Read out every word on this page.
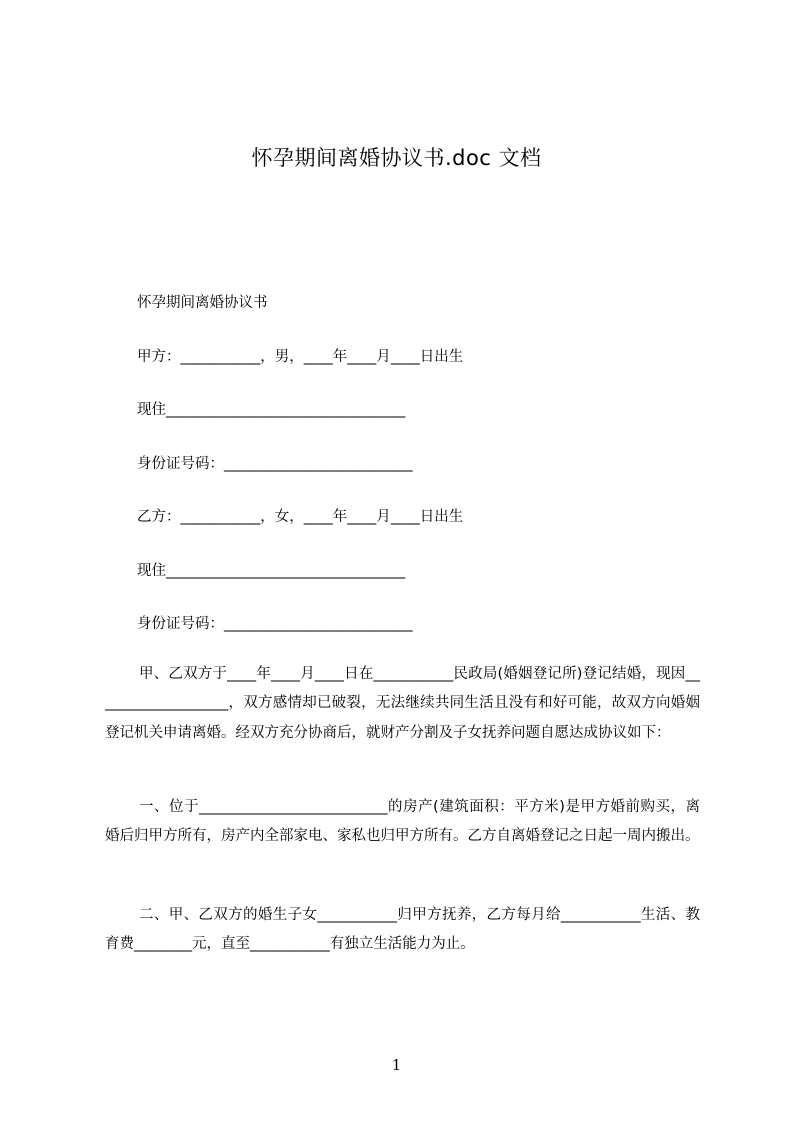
怀孕期间离婚协议书.doc 文档
怀孕期间离婚协议书
甲方：___________，男，____年____月____日出生
现住_________________________________
身份证号码：__________________________
乙方：___________，女，____年____月____日出生
现住_________________________________
身份证号码：__________________________
甲、乙双方于____年____月____日在___________民政局(婚姻登记所)登记结婚，现因___________________，双方感情却已破裂，无法继续共同生活且没有和好可能，故双方向婚姻登记机关申请离婚。经双方充分协商后，就财产分割及子女抚养问题自愿达成协议如下：
一、位于__________________________的房产(建筑面积：平方米)是甲方婚前购买，离婚后归甲方所有，房产内全部家电、家私也归甲方所有。乙方自离婚登记之日起一周内搬出。
二、甲、乙双方的婚生子女___________归甲方抚养，乙方每月给___________生活、教育费________元，直至___________有独立生活能力为止。
1
